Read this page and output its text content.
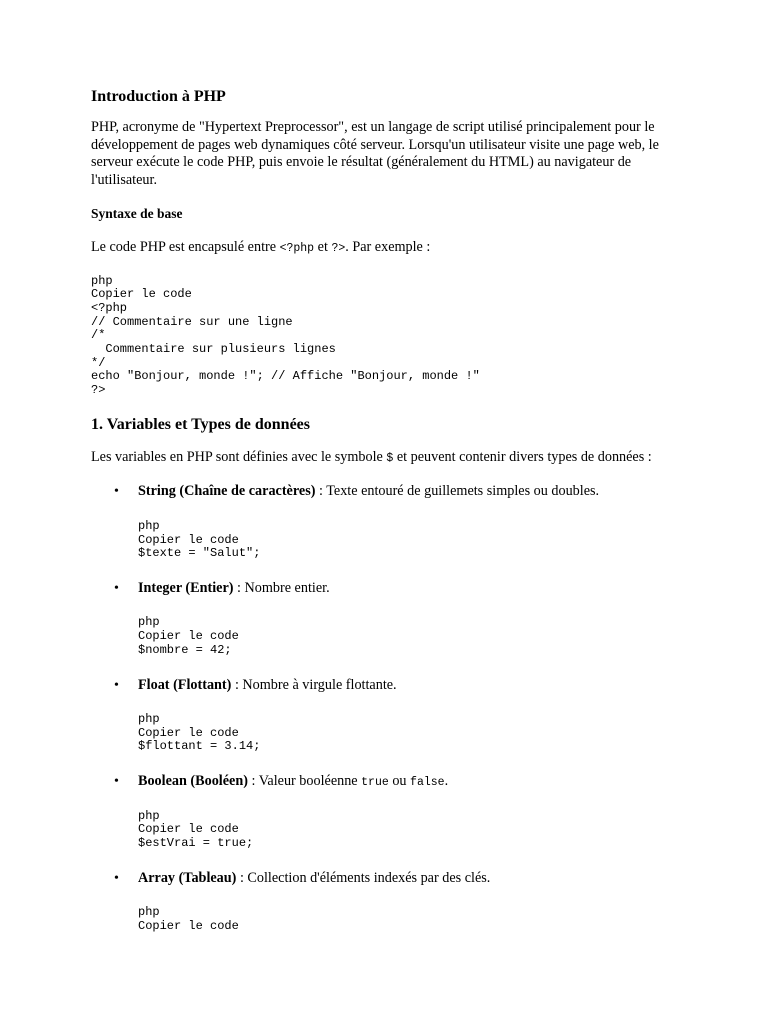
Introduction à PHP

PHP, acronyme de "Hypertext Preprocessor", est un langage de script utilisé principalement pour le développement de pages web dynamiques côté serveur. Lorsqu'un utilisateur visite une page web, le serveur exécute le code PHP, puis envoie le résultat (généralement du HTML) au navigateur de l'utilisateur.

Syntaxe de base

Le code PHP est encapsulé entre <?php et ?>. Par exemple :

php
Copier le code
<?php
// Commentaire sur une ligne
/*
Commentaire sur plusieurs lignes
*/
echo "Bonjour, monde !"; // Affiche "Bonjour, monde !"
?>
1. Variables et Types de données

Les variables en PHP sont définies avec le symbole $ et peuvent contenir divers types de données :

• String (Chaîne de caractères) : Texte entouré de guillemets simples ou doubles.
php
Copier le code
$texte = "Salut";
• Integer (Entier) : Nombre entier.
php
Copier le code
$nombre = 42;
• Float (Flottant) : Nombre à virgule flottante.
php
Copier le code
$flottant = 3.14;
• Boolean (Booléen) : Valeur booléenne true ou false.
php
Copier le code
$estVrai = true;
• Array (Tableau) : Collection d'éléments indexés par des clés.
php
Copier le code
